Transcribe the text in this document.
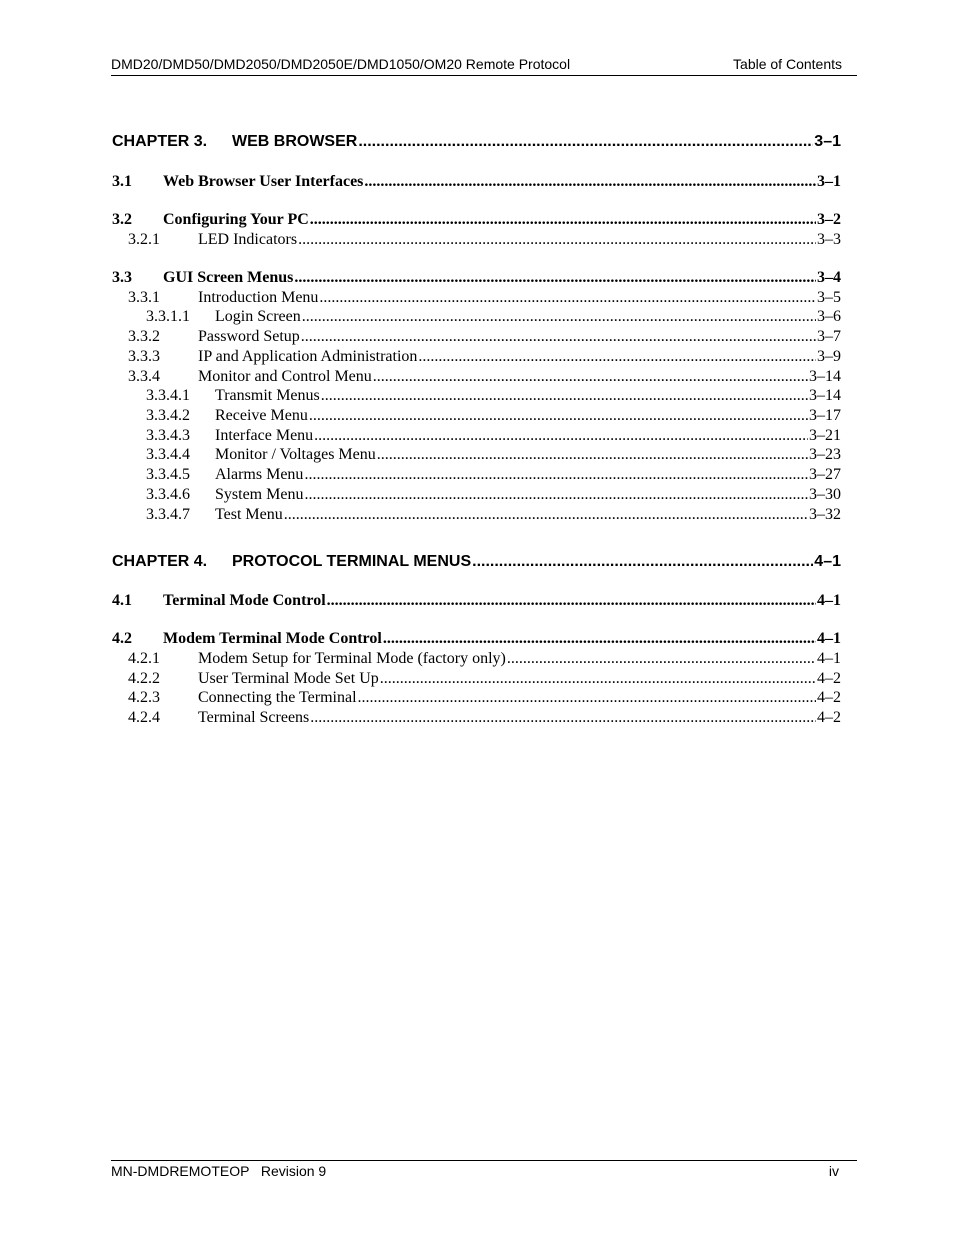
DMD20/DMD50/DMD2050/DMD2050E/DMD1050/OM20 Remote Protocol	Table of Contents
CHAPTER 3.	WEB BROWSER .....	3–1
3.1	Web Browser User Interfaces .....	3–1
3.2	Configuring Your PC .....	3–2
3.2.1	LED Indicators .....	3–3
3.3	GUI Screen Menus .....	3–4
3.3.1	Introduction Menu .....	3–5
3.3.1.1	Login Screen .....	3–6
3.3.2	Password Setup .....	3–7
3.3.3	IP and Application Administration .....	3–9
3.3.4	Monitor and Control Menu .....	3–14
3.3.4.1	Transmit Menus .....	3–14
3.3.4.2	Receive Menu .....	3–17
3.3.4.3	Interface Menu .....	3–21
3.3.4.4	Monitor / Voltages Menu .....	3–23
3.3.4.5	Alarms Menu .....	3–27
3.3.4.6	System Menu .....	3–30
3.3.4.7	Test Menu .....	3–32
CHAPTER 4.	PROTOCOL TERMINAL MENUS .....	4–1
4.1	Terminal Mode Control .....	4–1
4.2	Modem Terminal Mode Control .....	4–1
4.2.1	Modem Setup for Terminal Mode (factory only) .....	4–1
4.2.2	User Terminal Mode Set Up .....	4–2
4.2.3	Connecting the Terminal .....	4–2
4.2.4	Terminal Screens .....	4–2
MN-DMDREMOTEOP   Revision 9	iv
